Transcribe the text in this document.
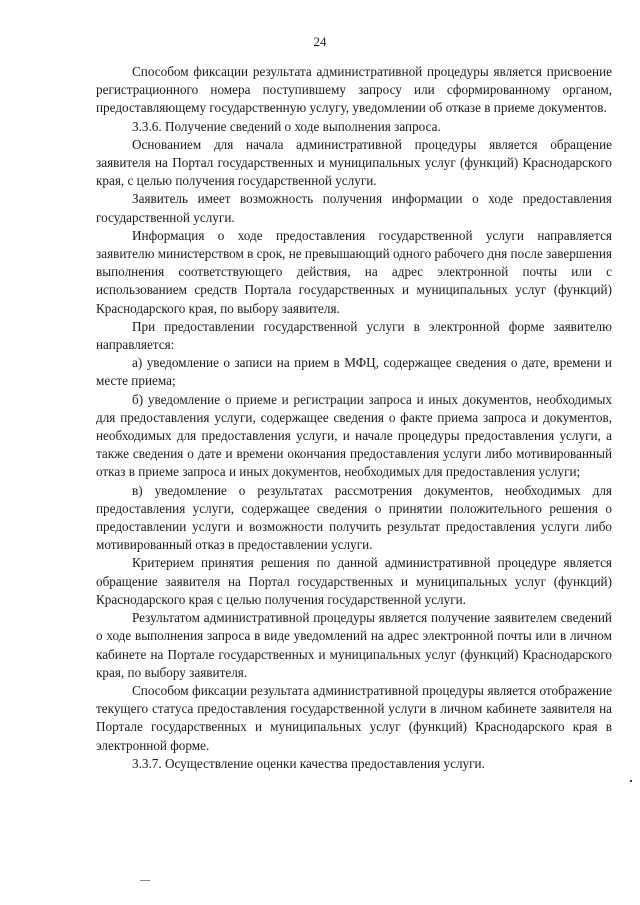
24

Способом фиксации результата административной процедуры является присвоение регистрационного номера поступившему запросу или сформированному органом, предоставляющему государственную услугу, уведомлении об отказе в приеме документов.

3.3.6. Получение сведений о ходе выполнения запроса.

Основанием для начала административной процедуры является обращение заявителя на Портал государственных и муниципальных услуг (функций) Краснодарского края, с целью получения государственной услуги.

Заявитель имеет возможность получения информации о ходе предоставления государственной услуги.

Информация о ходе предоставления государственной услуги направляется заявителю министерством в срок, не превышающий одного рабочего дня после завершения выполнения соответствующего действия, на адрес электронной почты или с использованием средств Портала государственных и муниципальных услуг (функций) Краснодарского края, по выбору заявителя.

При предоставлении государственной услуги в электронной форме заявителю направляется:

а) уведомление о записи на прием в МФЦ, содержащее сведения о дате, времени и месте приема;

б) уведомление о приеме и регистрации запроса и иных документов, необходимых для предоставления услуги, содержащее сведения о факте приема запроса и документов, необходимых для предоставления услуги, и начале процедуры предоставления услуги, а также сведения о дате и времени окончания предоставления услуги либо мотивированный отказ в приеме запроса и иных документов, необходимых для предоставления услуги;

в) уведомление о результатах рассмотрения документов, необходимых для предоставления услуги, содержащее сведения о принятии положительного решения о предоставлении услуги и возможности получить результат предоставления услуги либо мотивированный отказ в предоставлении услуги.

Критерием принятия решения по данной административной процедуре является обращение заявителя на Портал государственных и муниципальных услуг (функций) Краснодарского края с целью получения государственной услуги.

Результатом административной процедуры является получение заявителем сведений о ходе выполнения запроса в виде уведомлений на адрес электронной почты или в личном кабинете на Портале государственных и муниципальных услуг (функций) Краснодарского края, по выбору заявителя.

Способом фиксации результата административной процедуры является отображение текущего статуса предоставления государственной услуги в личном кабинете заявителя на Портале государственных и муниципальных услуг (функций) Краснодарского края в электронной форме.

3.3.7. Осуществление оценки качества предоставления услуги.
